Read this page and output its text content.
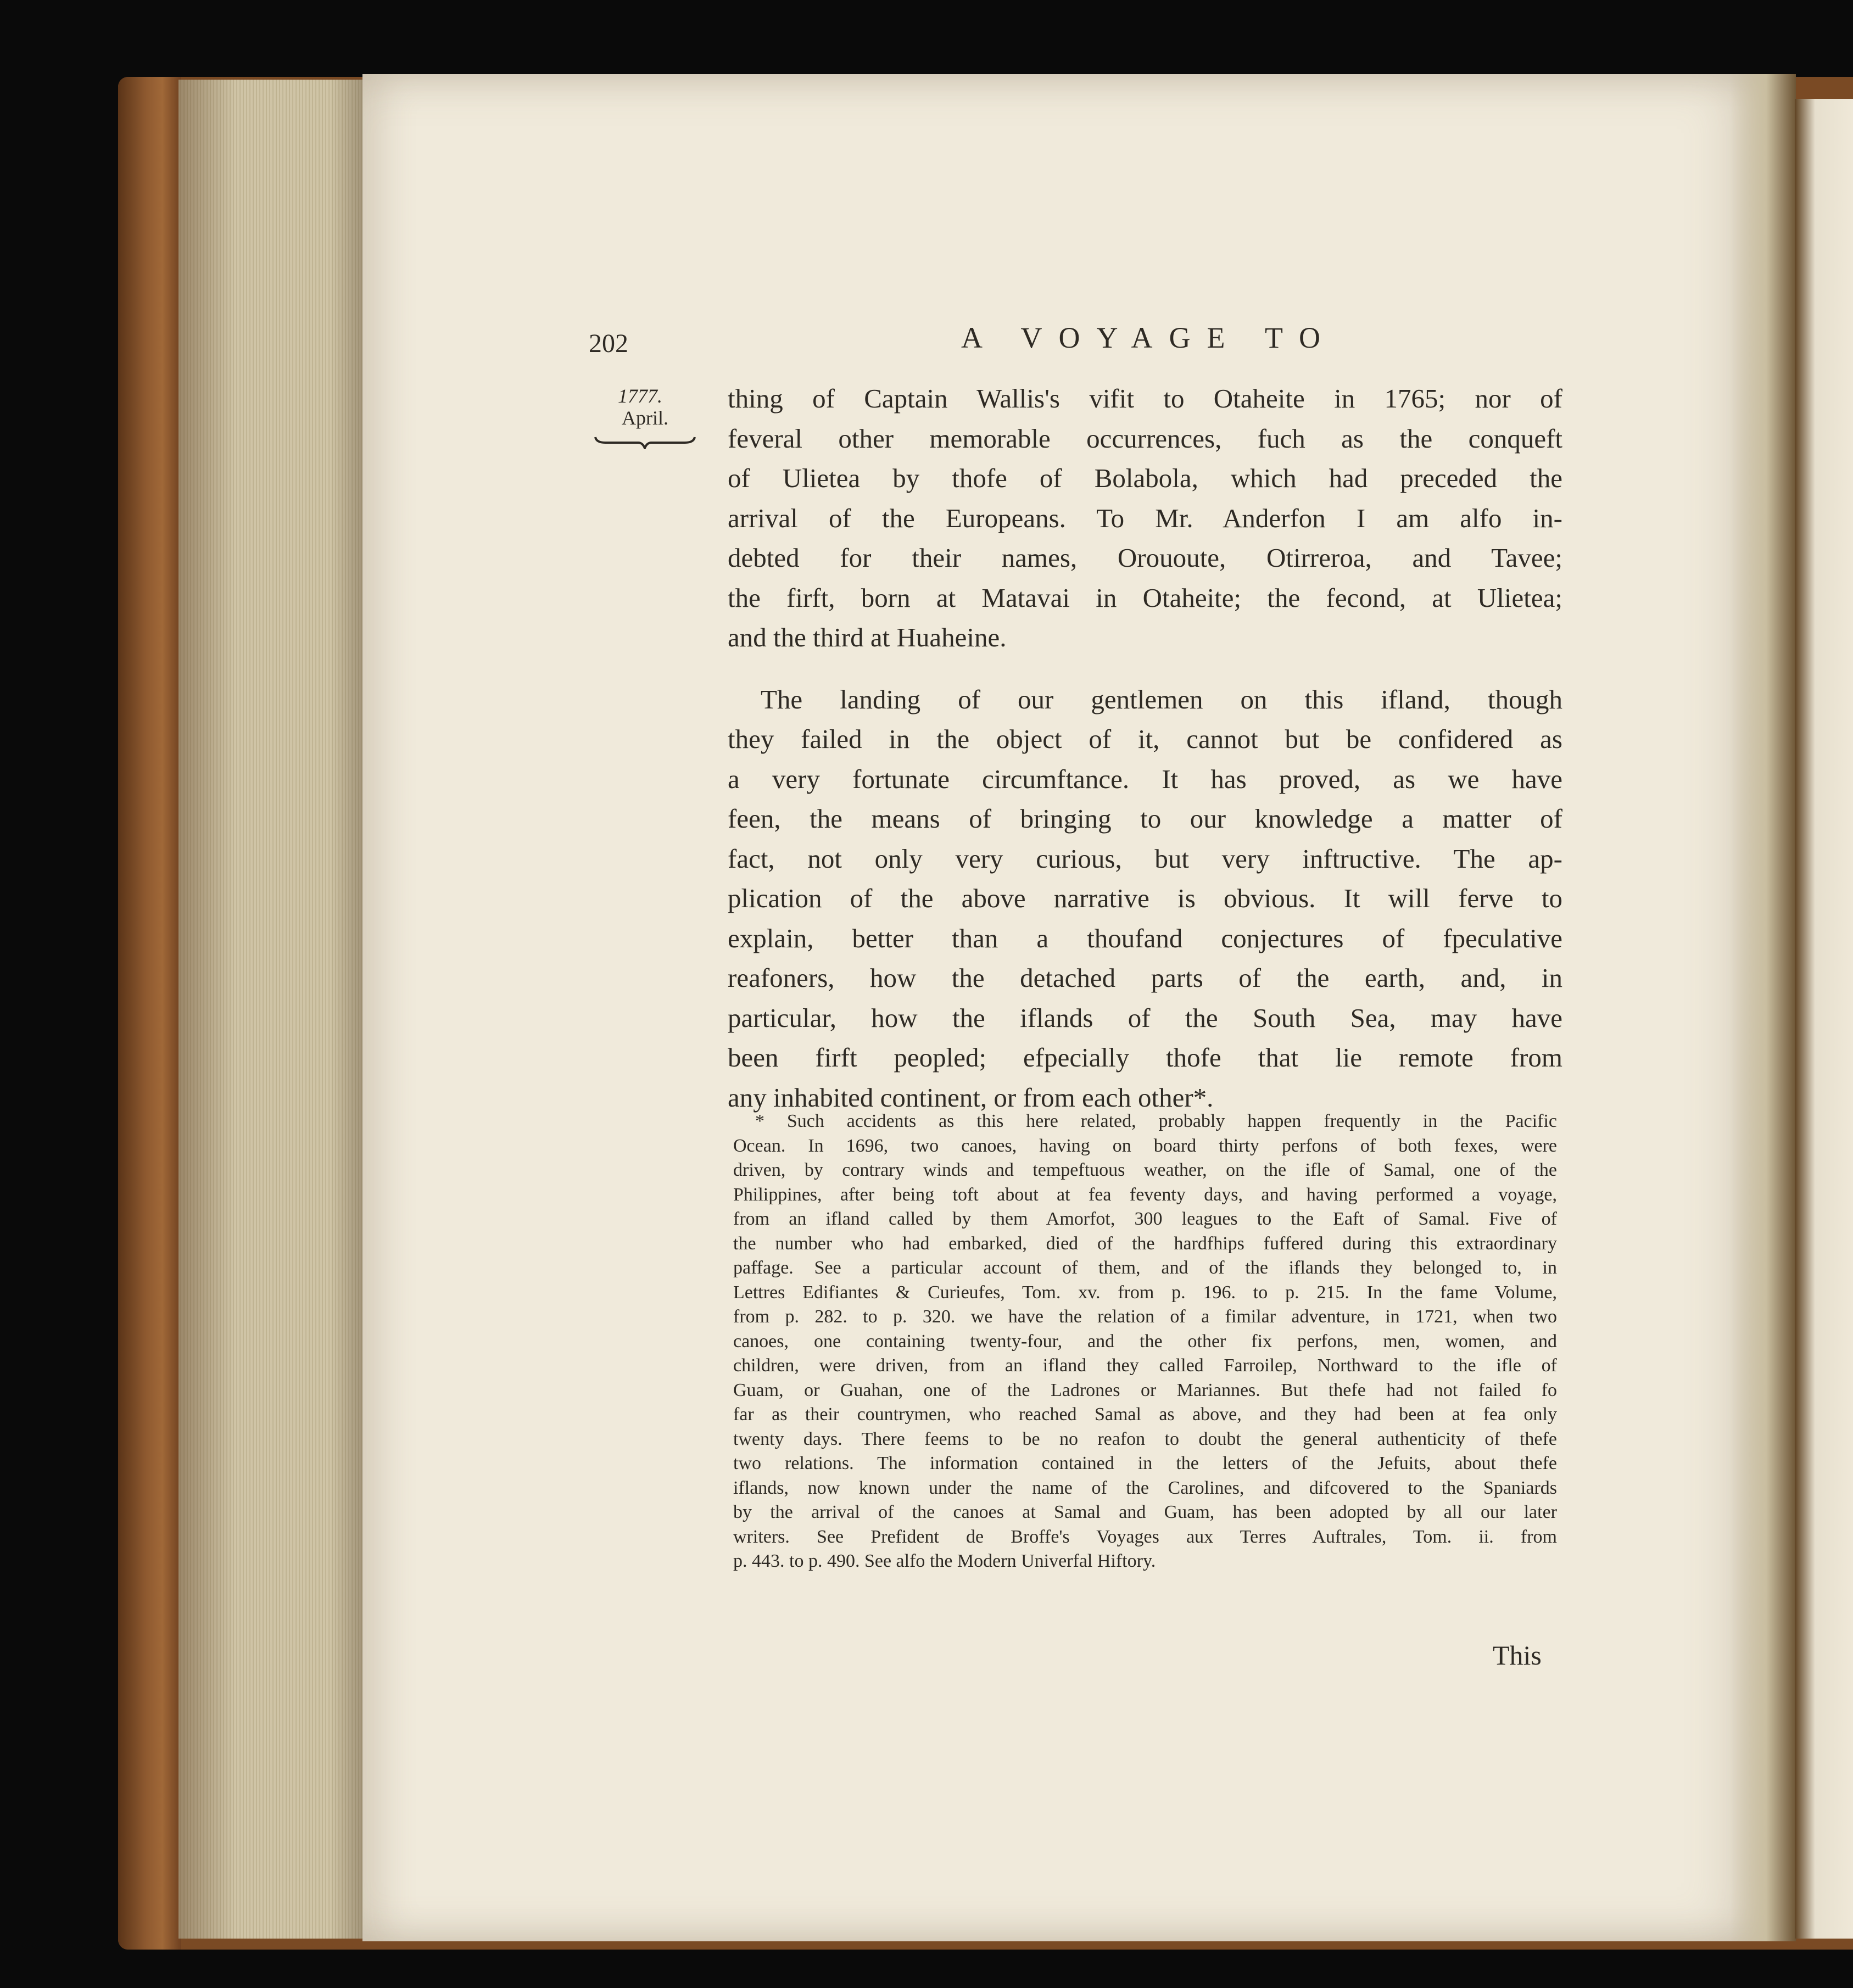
202	A VOYAGE TO
1777.
April.
thing of Captain Wallis's vifit to Otaheite in 1765; nor of
feveral other memorable occurrences, fuch as the conqueft
of Ulietea by thofe of Bolabola, which had preceded the
arrival of the Europeans. To Mr. Anderfon I am alfo in-
debted for their names, Orououte, Otirreroa, and Tavee;
the firft, born at Matavai in Otaheite; the fecond, at Ulietea;
and the third at Huaheine.
The landing of our gentlemen on this ifland, though
they failed in the object of it, cannot but be confidered as
a very fortunate circumftance. It has proved, as we have
feen, the means of bringing to our knowledge a matter of
fact, not only very curious, but very inftructive. The ap-
plication of the above narrative is obvious. It will ferve to
explain, better than a thoufand conjectures of fpeculative
reafoners, how the detached parts of the earth, and, in
particular, how the iflands of the South Sea, may have
been firft peopled; efpecially thofe that lie remote from
any inhabited continent, or from each other*.
* Such accidents as this here related, probably happen frequently in the Pacific
Ocean. In 1696, two canoes, having on board thirty perfons of both fexes, were
driven, by contrary winds and tempeftuous weather, on the ifle of Samal, one of the
Philippines, after being toft about at fea feventy days, and having performed a voyage,
from an ifland called by them Amorfot, 300 leagues to the Eaft of Samal. Five of
the number who had embarked, died of the hardfhips fuffered during this extraordinary
paffage. See a particular account of them, and of the iflands they belonged to, in
Lettres Edifiantes & Curieufes, Tom. xv. from p. 196. to p. 215. In the fame Volume,
from p. 282. to p. 320. we have the relation of a fimilar adventure, in 1721, when two
canoes, one containing twenty-four, and the other fix perfons, men, women, and
children, were driven, from an ifland they called Farroilep, Northward to the ifle of
Guam, or Guahan, one of the Ladrones or Mariannes. But thefe had not failed fo
far as their countrymen, who reached Samal as above, and they had been at fea only
twenty days. There feems to be no reafon to doubt the general authenticity of thefe
two relations. The information contained in the letters of the Jefuits, about thefe
iflands, now known under the name of the Carolines, and difcovered to the Spaniards
by the arrival of the canoes at Samal and Guam, has been adopted by all our later
writers. See Prefident de Broffe's Voyages aux Terres Auftrales, Tom. ii. from
p. 443. to p. 490. See alfo the Modern Univerfal Hiftory.
This
